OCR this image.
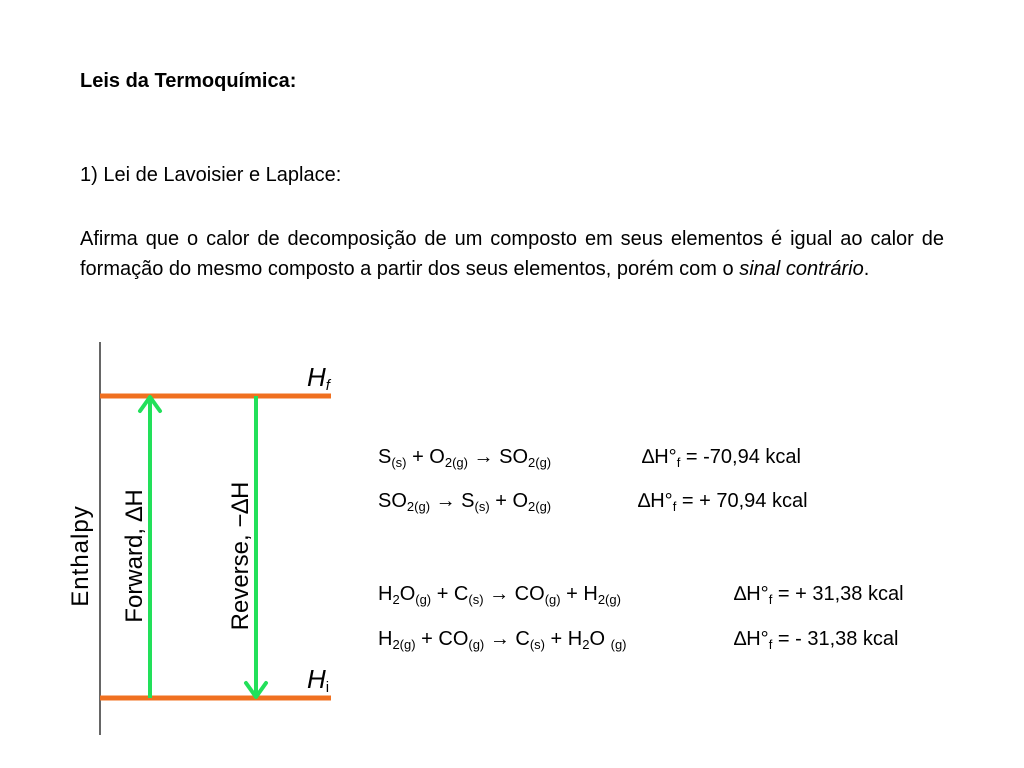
Leis da Termoquímica:
1) Lei de Lavoisier e Laplace:
Afirma que o calor de decomposição de um composto em seus elementos é igual ao calor de formação do mesmo composto a partir dos seus elementos, porém com o sinal contrário.
Enthalpy Forward, ∆H	Reverse, −∆H
Hf
Hi
$S_{(s)} + O_{2(g)} \to SO_{2(g)}$	$\Delta H^\circ_f = -70,94$ kcal
$SO_{2(g)} \to S_{(s)} + O_{2(g)}$	$\Delta H^\circ_f$ = + 70,94 kcal
$H_2O_{(g)} + C_{(s)} \to CO_{(g)} + H_{2(g)}$	$\Delta H^\circ_f$ = + 31,38 kcal
$H_{2(g)} + CO_{(g)} \to C_{(s)} + H_2O$ $_{(g)}$	$\Delta H^\circ_f$ = - 31,38 kcal
